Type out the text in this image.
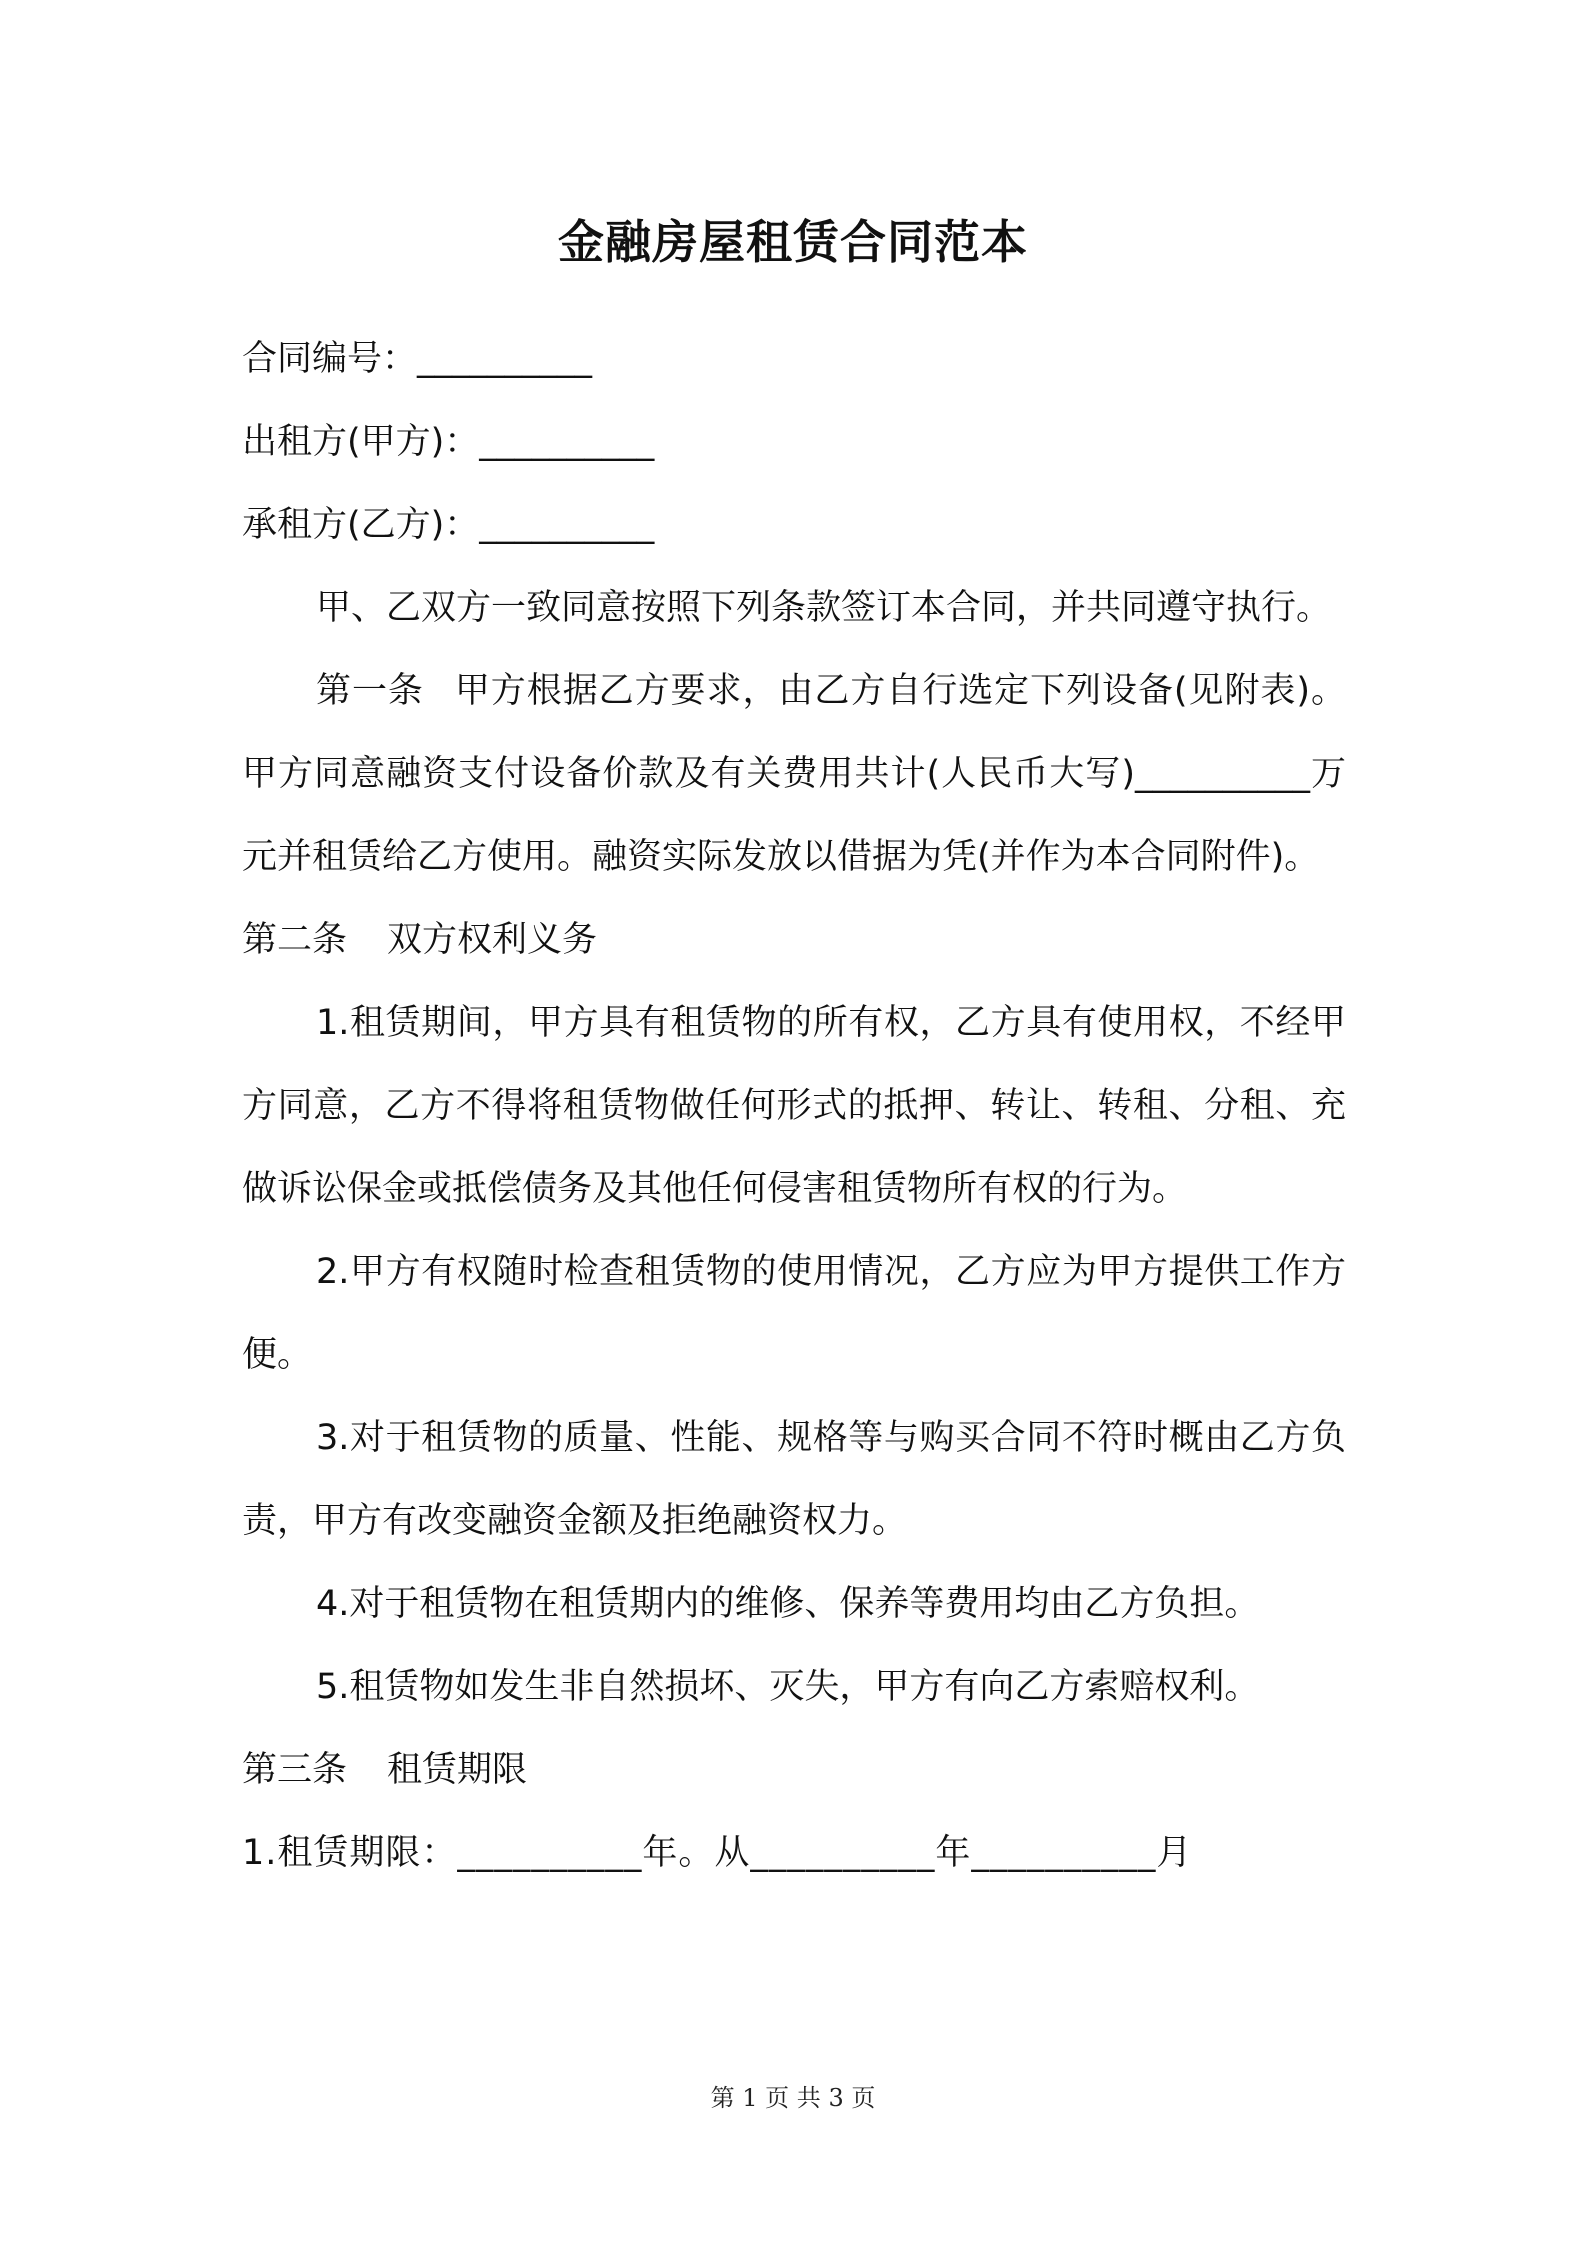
金融房屋租赁合同范本

合同编号：__________

出租方(甲方)：__________

承租方(乙方)：__________

甲、乙双方一致同意按照下列条款签订本合同，并共同遵守执行。

第一条 甲方根据乙方要求，由乙方自行选定下列设备(见附表)。甲方同意融资支付设备价款及有关费用共计(人民币大写)__________万元并租赁给乙方使用。融资实际发放以借据为凭(并作为本合同附件)。

第二条 双方权利义务

1.租赁期间，甲方具有租赁物的所有权，乙方具有使用权，不经甲方同意，乙方不得将租赁物做任何形式的抵押、转让、转租、分租、充做诉讼保金或抵偿债务及其他任何侵害租赁物所有权的行为。

2.甲方有权随时检查租赁物的使用情况，乙方应为甲方提供工作方便。

3.对于租赁物的质量、性能、规格等与购买合同不符时概由乙方负责，甲方有改变融资金额及拒绝融资权力。

4.对于租赁物在租赁期内的维修、保养等费用均由乙方负担。

5.租赁物如发生非自然损坏、灭失，甲方有向乙方索赔权利。

第三条 租赁期限

1.租赁期限：__________年。从__________年__________月

第 1 页 共 3 页
